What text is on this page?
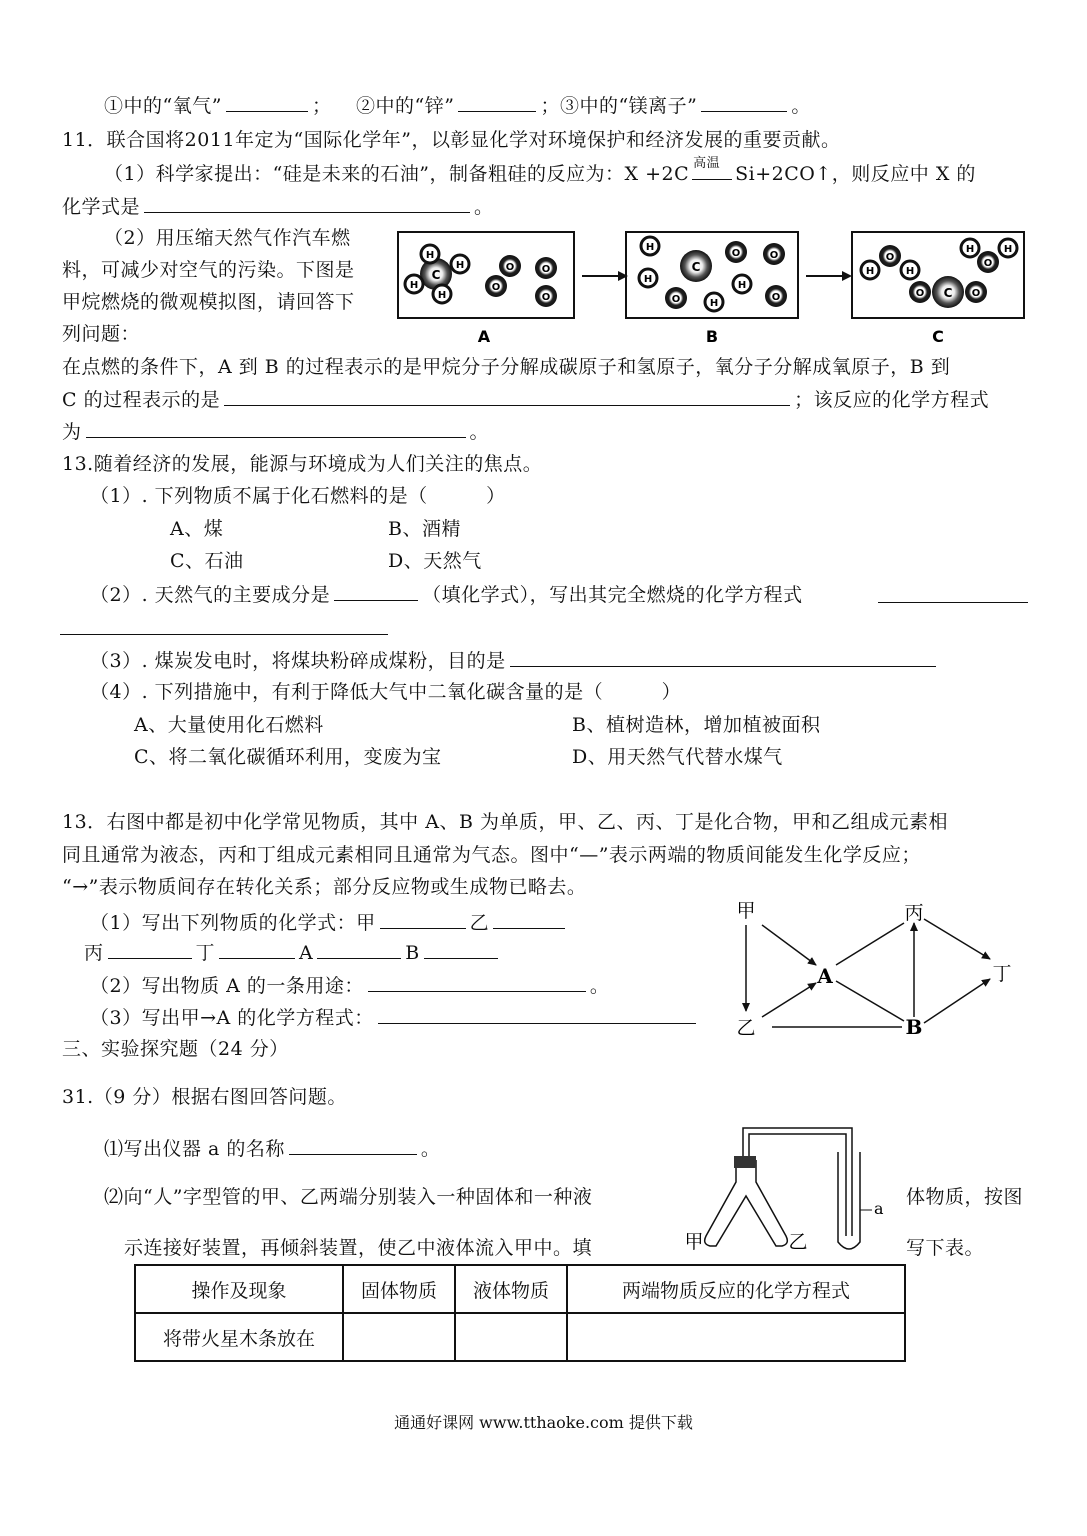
①中的“氧气”	； ②中的“锌”	；③中的“镁离子”	。
11．联合国将2011年定为“国际化学年”，以彰显化学对环境保护和经济发展的重要贡献。
（1）科学家提出：“硅是未来的石油”，制备粗硅的反应为：X +2C 高温 Si+2CO↑，则反应中 X 的
化学式是	。
（2）用压缩天然气作汽车燃
料，可减少对空气的污染。下图是
甲烷燃烧的微观模拟图，请回答下
列问题：
C
H
H
H
H
O
O	O
O
C
H
H
H
H
O	O
O	O
O
H	H
C
O	O
O
H	H
A	B	C
在点燃的条件下，A 到 B 的过程表示的是甲烷分子分解成碳原子和氢原子，氧分子分解成氧原子，B 到
C 的过程表示的是	；该反应的化学方程式
为	。
13.随着经济的发展，能源与环境成为人们关注的焦点。
（1）. 下列物质不属于化石燃料的是（　　　）
A、煤	B、酒精
C、石油	D、天然气
（2）. 天然气的主要成分是	（填化学式），写出其完全燃烧的化学方程式
（3）. 煤炭发电时，将煤块粉碎成煤粉，目的是
（4）. 下列措施中，有利于降低大气中二氧化碳含量的是（　　　）
A、大量使用化石燃料	B、植树造林，增加植被面积
C、将二氧化碳循环利用，变废为宝	D、用天然气代替水煤气
13．右图中都是初中化学常见物质，其中 A、B 为单质，甲、乙、丙、丁是化合物，甲和乙组成元素相
同且通常为液态，丙和丁组成元素相同且通常为气态。图中“—”表示两端的物质间能发生化学反应；
“→”表示物质间存在转化关系；部分反应物或生成物已略去。
（1）写出下列物质的化学式：甲	乙
丙	丁	A	B
（2）写出物质 A 的一条用途：	。
（3）写出甲→A 的化学方程式：
甲	丙
A	丁
乙	B
三、实验探究题（24 分）
31.（9 分）根据右图回答问题。
⑴写出仪器 a 的名称	。
⑵向“人”字型管的甲、乙两端分别装入一种固体和一种液	体物质，按图
示连接好装置，再倾斜装置，使乙中液体流入甲中。填	写下表。
a
甲	乙
操作及现象	固体物质	液体物质	两端物质反应的化学方程式
将带火星木条放在			
通通好课网 www.tthaoke.com 提供下载
